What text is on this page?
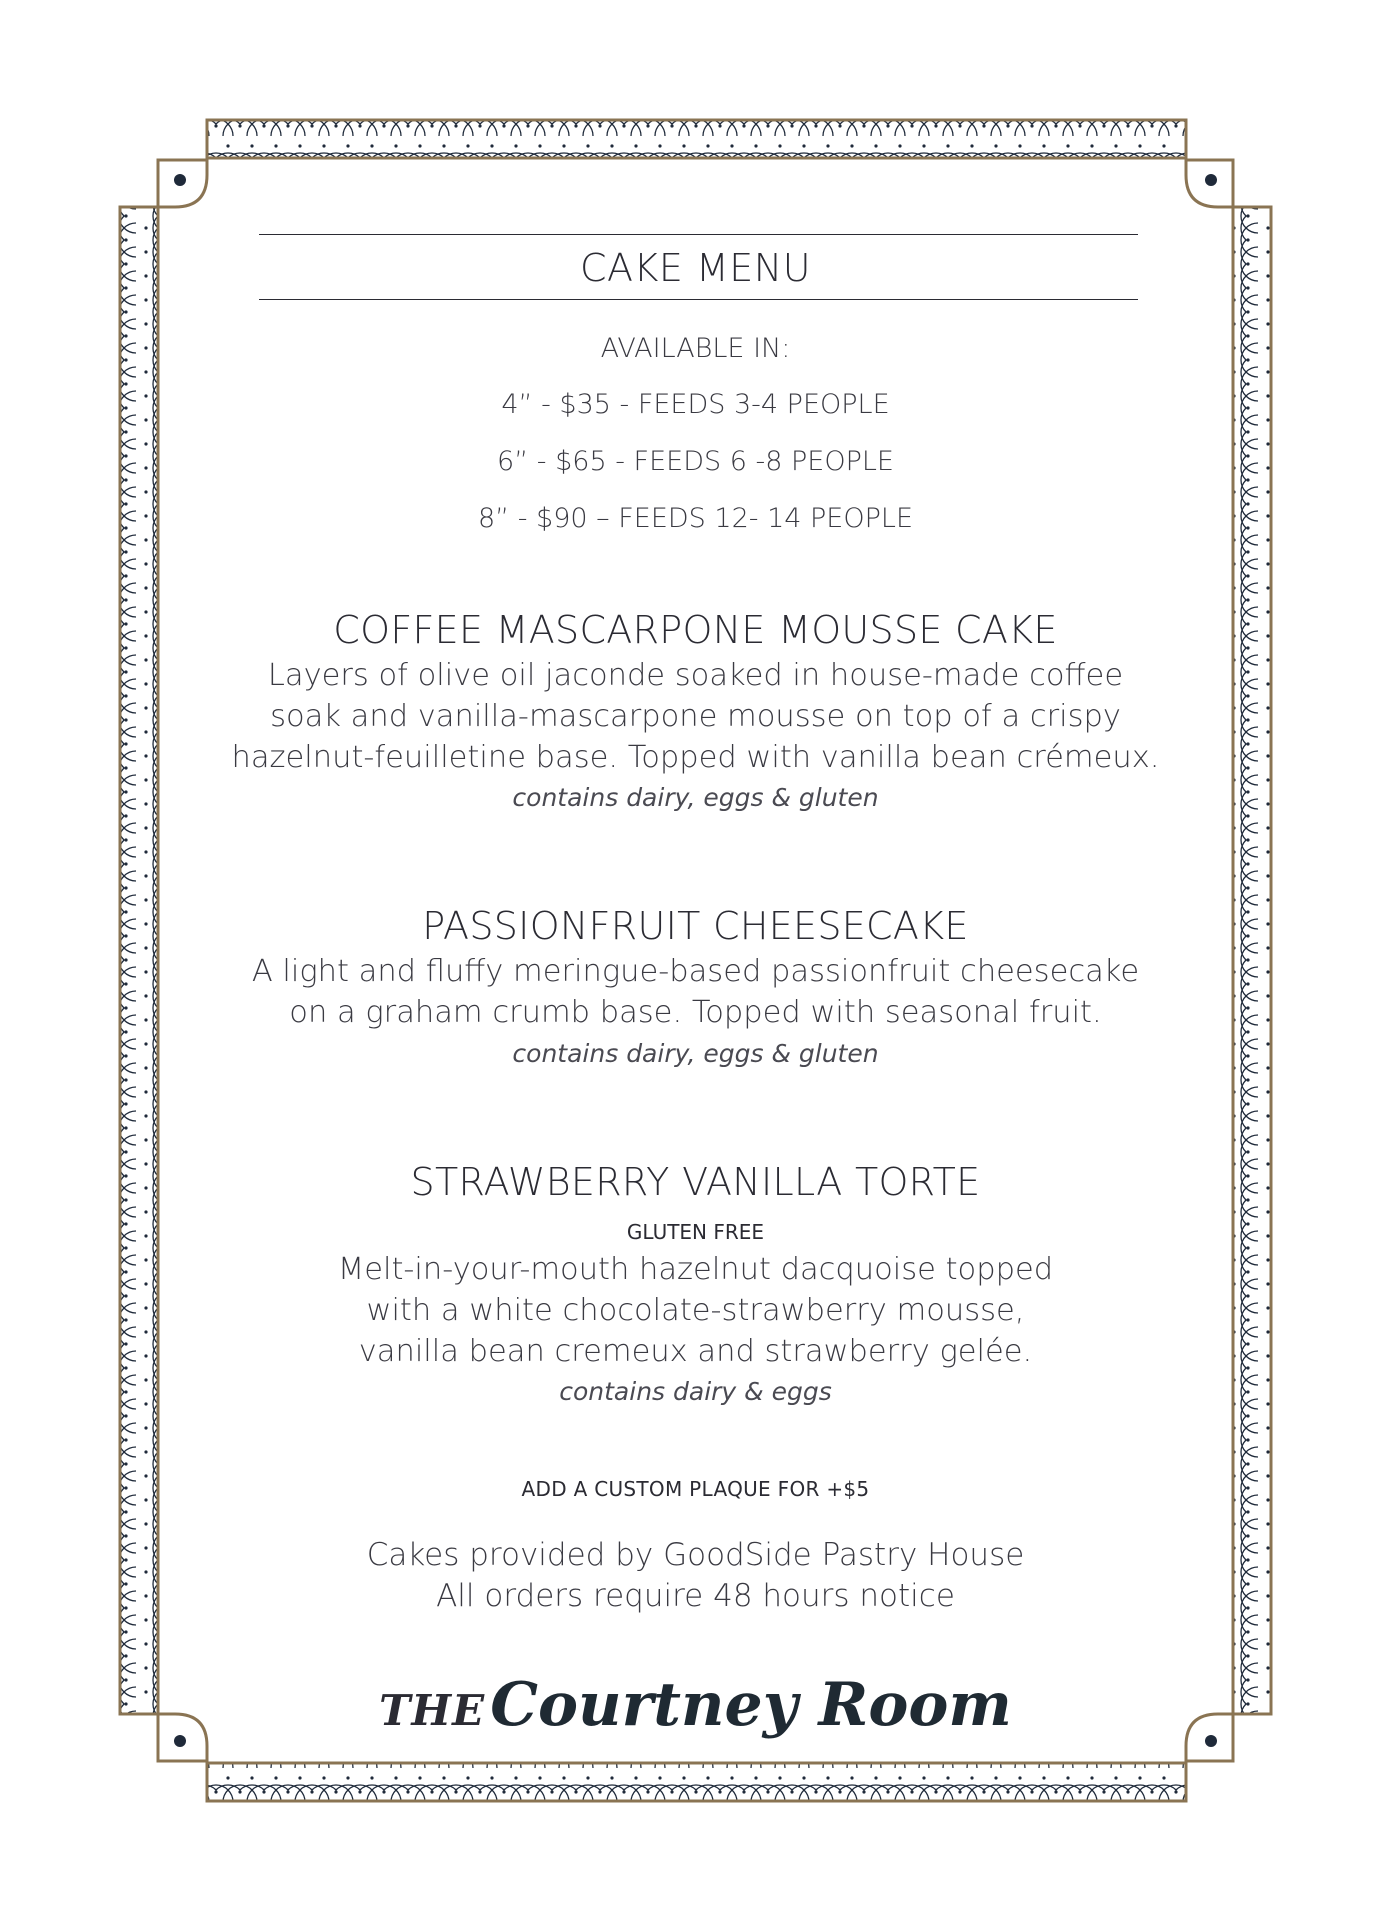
CAKE MENU
AVAILABLE IN:
4” - $35 - FEEDS 3-4 PEOPLE
6” - $65 - FEEDS 6 -8 PEOPLE
8” - $90 – FEEDS 12- 14 PEOPLE
COFFEE MASCARPONE MOUSSE CAKE
Layers of olive oil jaconde soaked in house-made coffee
soak and vanilla-mascarpone mousse on top of a crispy
hazelnut-feuilletine base. Topped with vanilla bean crémeux.
contains dairy, eggs & gluten
PASSIONFRUIT CHEESECAKE
A light and fluffy meringue-based passionfruit cheesecake
on a graham crumb base. Topped with seasonal fruit.
contains dairy, eggs & gluten
STRAWBERRY VANILLA TORTE
GLUTEN FREE
Melt-in-your-mouth hazelnut dacquoise topped
with a white chocolate-strawberry mousse,
vanilla bean cremeux and strawberry gelée.
contains dairy & eggs
ADD A CUSTOM PLAQUE FOR +$5
Cakes provided by GoodSide Pastry House
All orders require 48 hours notice
THE Courtney Room
